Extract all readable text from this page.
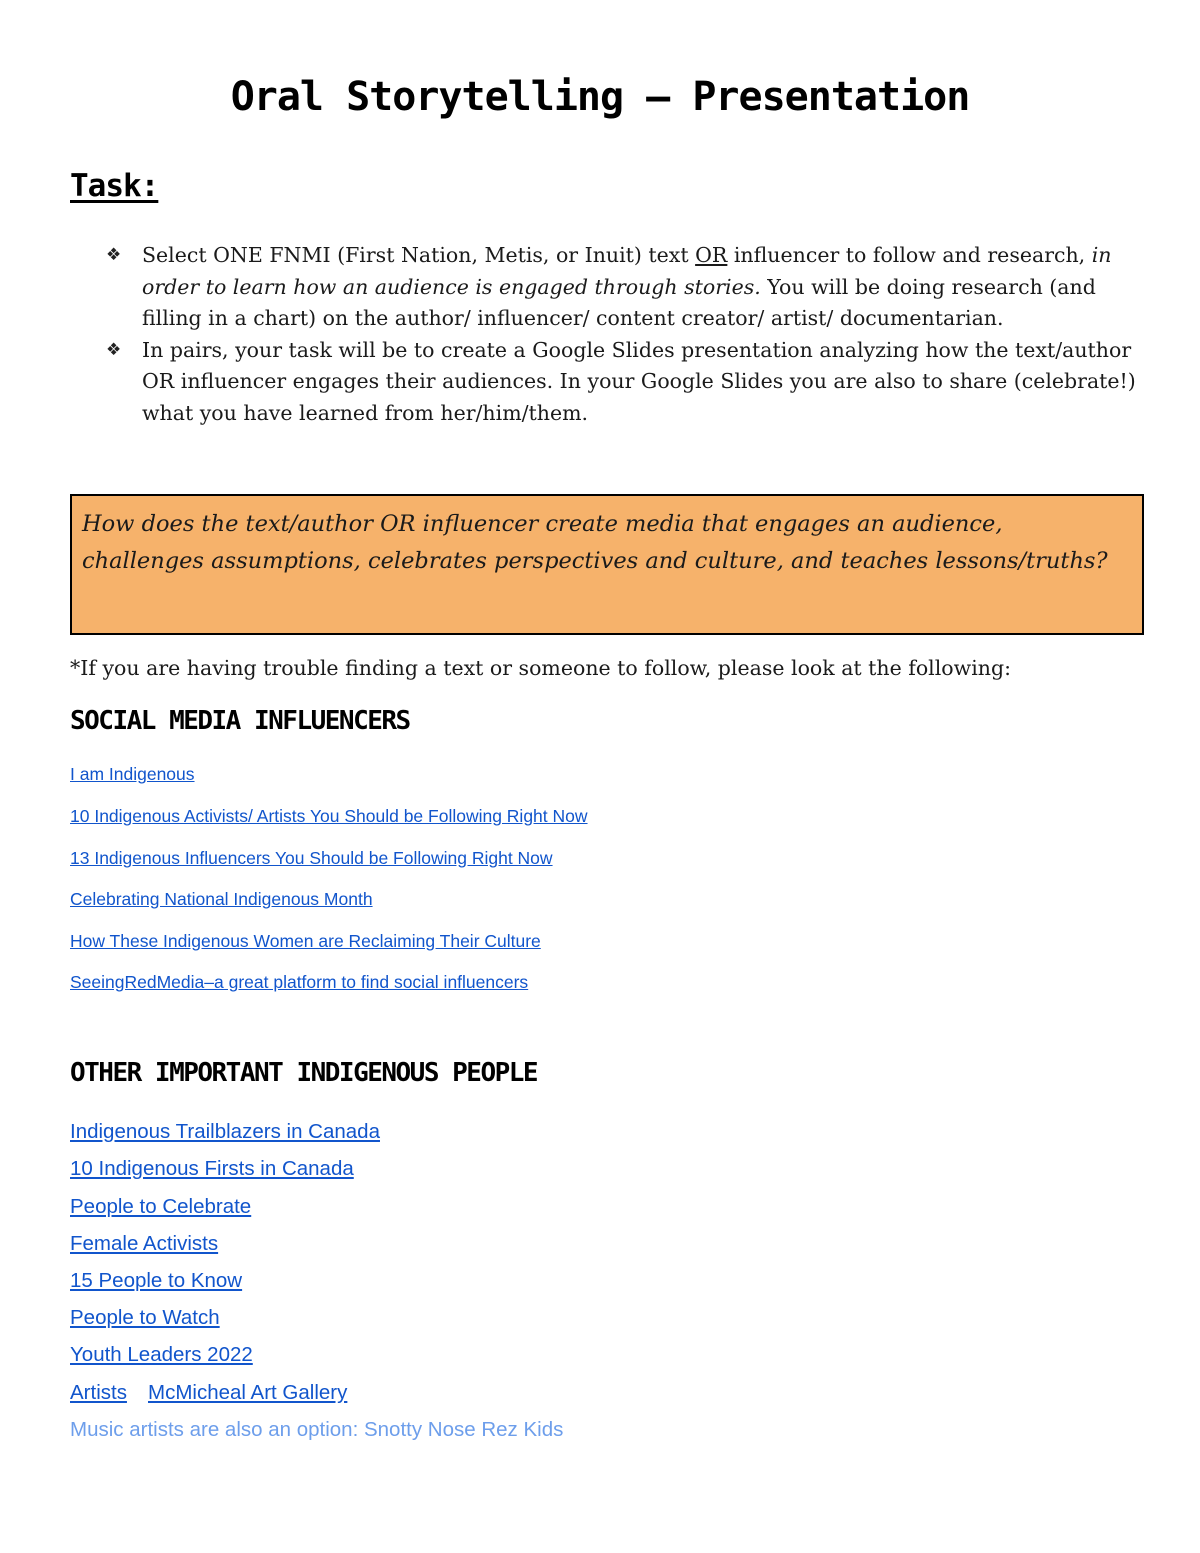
Oral Storytelling – Presentation
Task:
❖ Select ONE FNMI (First Nation, Metis, or Inuit) text OR influencer to follow and research, in order to learn how an audience is engaged through stories. You will be doing research (and filling in a chart) on the author/ influencer/ content creator/ artist/ documentarian.
❖ In pairs, your task will be to create a Google Slides presentation analyzing how the text/author OR influencer engages their audiences. In your Google Slides you are also to share (celebrate!) what you have learned from her/him/them.
How does the text/author OR influencer create media that engages an audience, challenges assumptions, celebrates perspectives and culture, and teaches lessons/truths?
*If you are having trouble finding a text or someone to follow, please look at the following:
SOCIAL MEDIA INFLUENCERS
I am Indigenous
10 Indigenous Activists/ Artists You Should be Following Right Now
13 Indigenous Influencers You Should be Following Right Now
Celebrating National Indigenous Month
How These Indigenous Women are Reclaiming Their Culture
SeeingRedMedia–a great platform to find social influencers
OTHER IMPORTANT INDIGENOUS PEOPLE
Indigenous Trailblazers in Canada
10 Indigenous Firsts in Canada
People to Celebrate
Female Activists
15 People to Know
People to Watch
Youth Leaders 2022
Artists McMicheal Art Gallery
Music artists are also an option: Snotty Nose Rez Kids
